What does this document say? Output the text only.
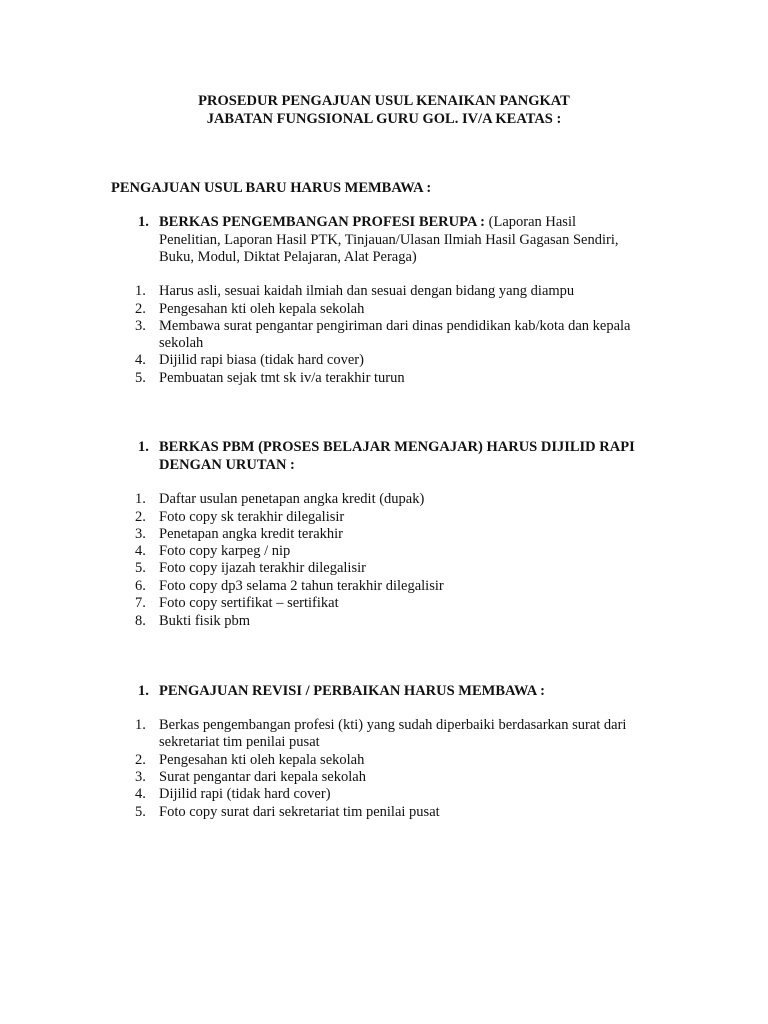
PROSEDUR PENGAJUAN USUL KENAIKAN PANGKAT
JABATAN FUNGSIONAL GURU GOL. IV/A KEATAS :
PENGAJUAN USUL BARU HARUS MEMBAWA :
1. BERKAS PENGEMBANGAN PROFESI BERUPA : (Laporan Hasil
Penelitian, Laporan Hasil PTK, Tinjauan/Ulasan Ilmiah Hasil Gagasan Sendiri,
Buku, Modul, Diktat Pelajaran, Alat Peraga)
1. Harus asli, sesuai kaidah ilmiah dan sesuai dengan bidang yang diampu
2. Pengesahan kti oleh kepala sekolah
3. Membawa surat pengantar pengiriman dari dinas pendidikan kab/kota dan kepala
sekolah
4. Dijilid rapi biasa (tidak hard cover)
5. Pembuatan sejak tmt sk iv/a terakhir turun
1. BERKAS PBM (PROSES BELAJAR MENGAJAR) HARUS DIJILID RAPI
DENGAN URUTAN :
1. Daftar usulan penetapan angka kredit (dupak)
2. Foto copy sk terakhir dilegalisir
3. Penetapan angka kredit terakhir
4. Foto copy karpeg / nip
5. Foto copy ijazah terakhir dilegalisir
6. Foto copy dp3 selama 2 tahun terakhir dilegalisir
7. Foto copy sertifikat – sertifikat
8. Bukti fisik pbm
1. PENGAJUAN REVISI / PERBAIKAN HARUS MEMBAWA :
1. Berkas pengembangan profesi (kti) yang sudah diperbaiki berdasarkan surat dari
sekretariat tim penilai pusat
2. Pengesahan kti oleh kepala sekolah
3. Surat pengantar dari kepala sekolah
4. Dijilid rapi (tidak hard cover)
5. Foto copy surat dari sekretariat tim penilai pusat
